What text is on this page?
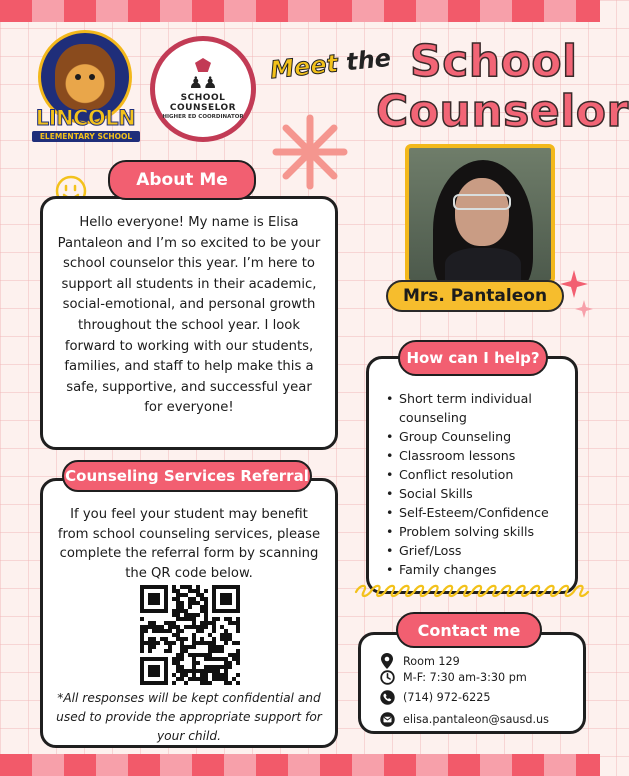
LINCOLN
ELEMENTARY SCHOOL
♟♟
SCHOOL
COUNSELOR
HIGHER ED COORDINATOR
Meet the School
Counselor
Mrs. Pantaleon
Hello everyone! My name is Elisa Pantaleon and I’m so excited to be your school counselor this year. I’m here to support all students in their academic, social-emotional, and personal growth throughout the school year. I look forward to working with our students, families, and staff to help make this a safe, supportive, and successful year for everyone!
About Me
If you feel your student may benefit from school counseling services, please complete the referral form by scanning the QR code below.
*All responses will be kept confidential and used to provide the appropriate support for your child.
Counseling Services Referral
• Short term individual counseling
• Group Counseling
• Classroom lessons
• Conflict resolution
• Social Skills
• Self-Esteem/Confidence
• Problem solving skills
• Grief/Loss
• Family changes
How can I help?
Room 129
M-F: 7:30 am-3:30 pm
(714) 972-6225
elisa.pantaleon@sausd.us
Contact me
